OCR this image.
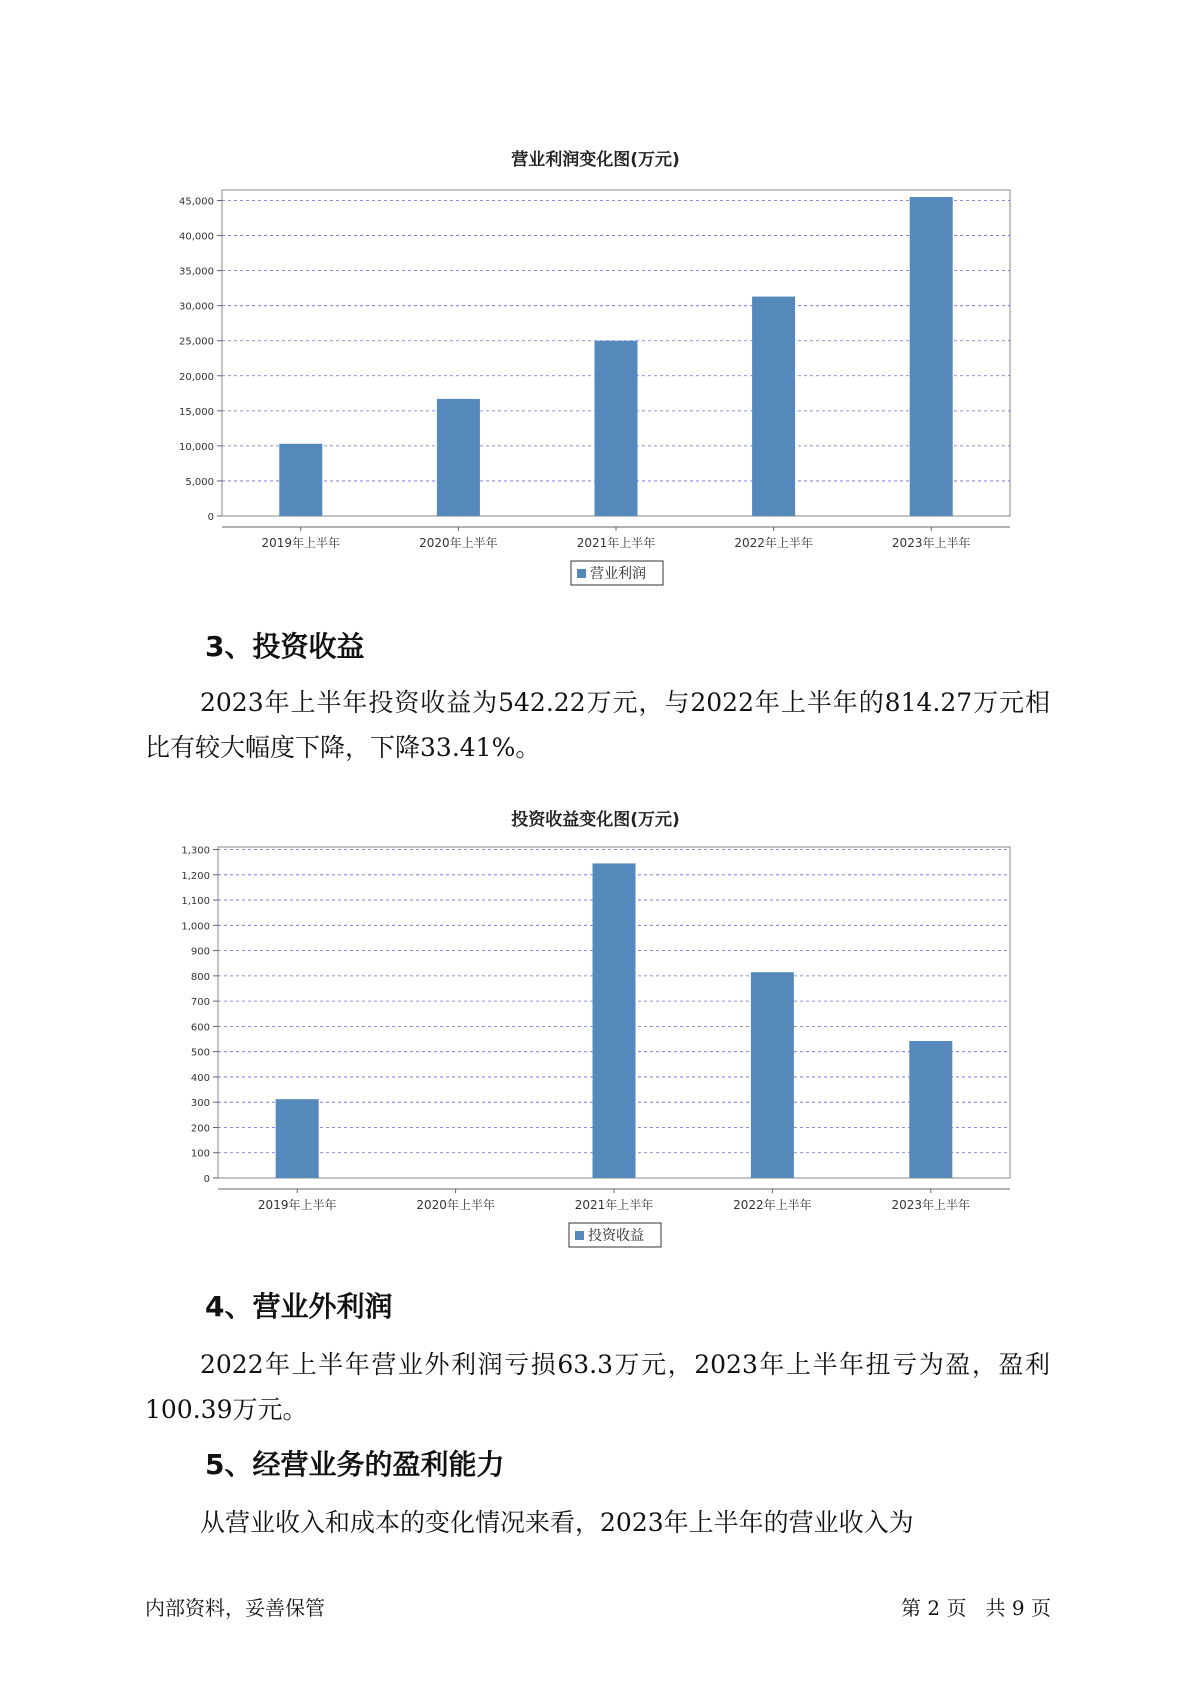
营业利润变化图(万元)
0
5,000
10,000
15,000
20,000
25,000
30,000
35,000
40,000
45,000
2019年上半年	2020年上半年	2021年上半年	2022年上半年	2023年上半年
营业利润
3、投资收益
2023年上半年投资收益为542.22万元，与2022年上半年的814.27万元相比有较大幅度下降，下降33.41%。
投资收益变化图(万元)
0
100
200
300
400
500
600
700
800
900
1,000
1,100
1,200
1,300
2019年上半年	2020年上半年	2021年上半年	2022年上半年	2023年上半年
投资收益
4、营业外利润
2022年上半年营业外利润亏损63.3万元，2023年上半年扭亏为盈，盈利100.39万元。
5、经营业务的盈利能力
从营业收入和成本的变化情况来看，2023年上半年的营业收入为
内部资料，妥善保管	第 2 页   共 9 页
